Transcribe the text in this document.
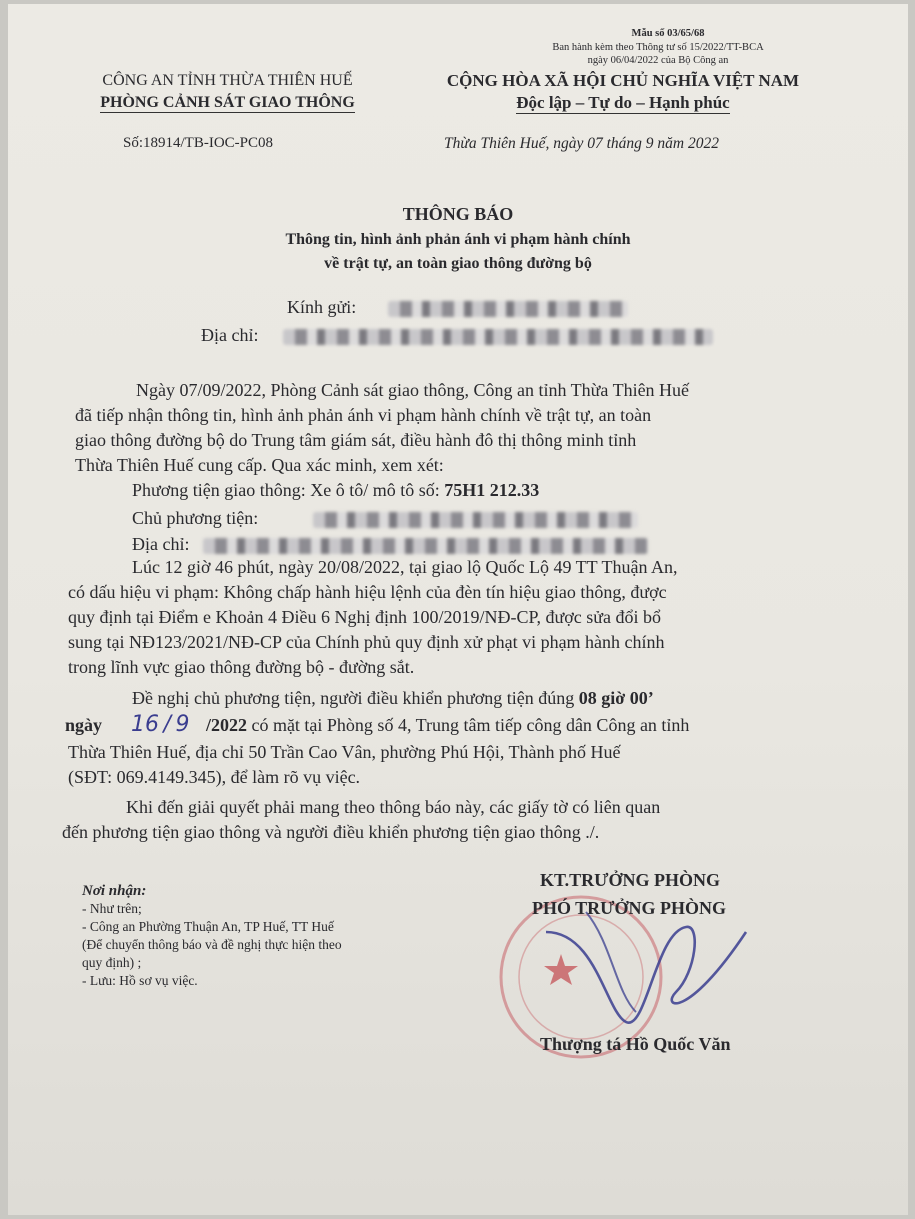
Mẫu số 03/65/68
Ban hành kèm theo Thông tư số 15/2022/TT-BCA
ngày 06/04/2022 của Bộ Công an
CÔNG AN TỈNH THỪA THIÊN HUẾ
PHÒNG CẢNH SÁT GIAO THÔNG
CỘNG HÒA XÃ HỘI CHỦ NGHĨA VIỆT NAM
Độc lập – Tự do – Hạnh phúc
Số:18914/TB-IOC-PC08	Thừa Thiên Huế, ngày 07 tháng 9 năm 2022
THÔNG BÁO
Thông tin, hình ảnh phản ánh vi phạm hành chính
về trật tự, an toàn giao thông đường bộ
Kính gửi:
Địa chỉ:
Ngày 07/09/2022, Phòng Cảnh sát giao thông, Công an tỉnh Thừa Thiên Huế
đã tiếp nhận thông tin, hình ảnh phản ánh vi phạm hành chính về trật tự, an toàn
giao thông đường bộ do Trung tâm giám sát, điều hành đô thị thông minh tỉnh
Thừa Thiên Huế cung cấp. Qua xác minh, xem xét:
Phương tiện giao thông: Xe ô tô/ mô tô số: 75H1 212.33
Chủ phương tiện:
Địa chỉ:
Lúc 12 giờ 46 phút, ngày 20/08/2022, tại giao lộ Quốc Lộ 49 TT Thuận An,
có dấu hiệu vi phạm: Không chấp hành hiệu lệnh của đèn tín hiệu giao thông, được
quy định tại Điểm e Khoản 4 Điều 6 Nghị định 100/2019/NĐ-CP, được sửa đổi bổ
sung tại NĐ123/2021/NĐ-CP của Chính phủ quy định xử phạt vi phạm hành chính
trong lĩnh vực giao thông đường bộ - đường sắt.
Đề nghị chủ phương tiện, người điều khiển phương tiện đúng 08 giờ 00’
ngày 16 / 9 /2022 có mặt tại Phòng số 4, Trung tâm tiếp công dân Công an tỉnh
Thừa Thiên Huế, địa chỉ 50 Trần Cao Vân, phường Phú Hội, Thành phố Huế
(SĐT: 069.4149.345), để làm rõ vụ việc.
Khi đến giải quyết phải mang theo thông báo này, các giấy tờ có liên quan
đến phương tiện giao thông và người điều khiển phương tiện giao thông ./.
Nơi nhận:
- Như trên;
- Công an Phường Thuận An, TP Huế, TT Huế
(Để chuyển thông báo và đề nghị thực hiện theo
quy định) ;
- Lưu: Hồ sơ vụ việc.
KT.TRƯỞNG PHÒNG
PHÓ TRƯỞNG PHÒNG
Thượng tá Hồ Quốc Văn
